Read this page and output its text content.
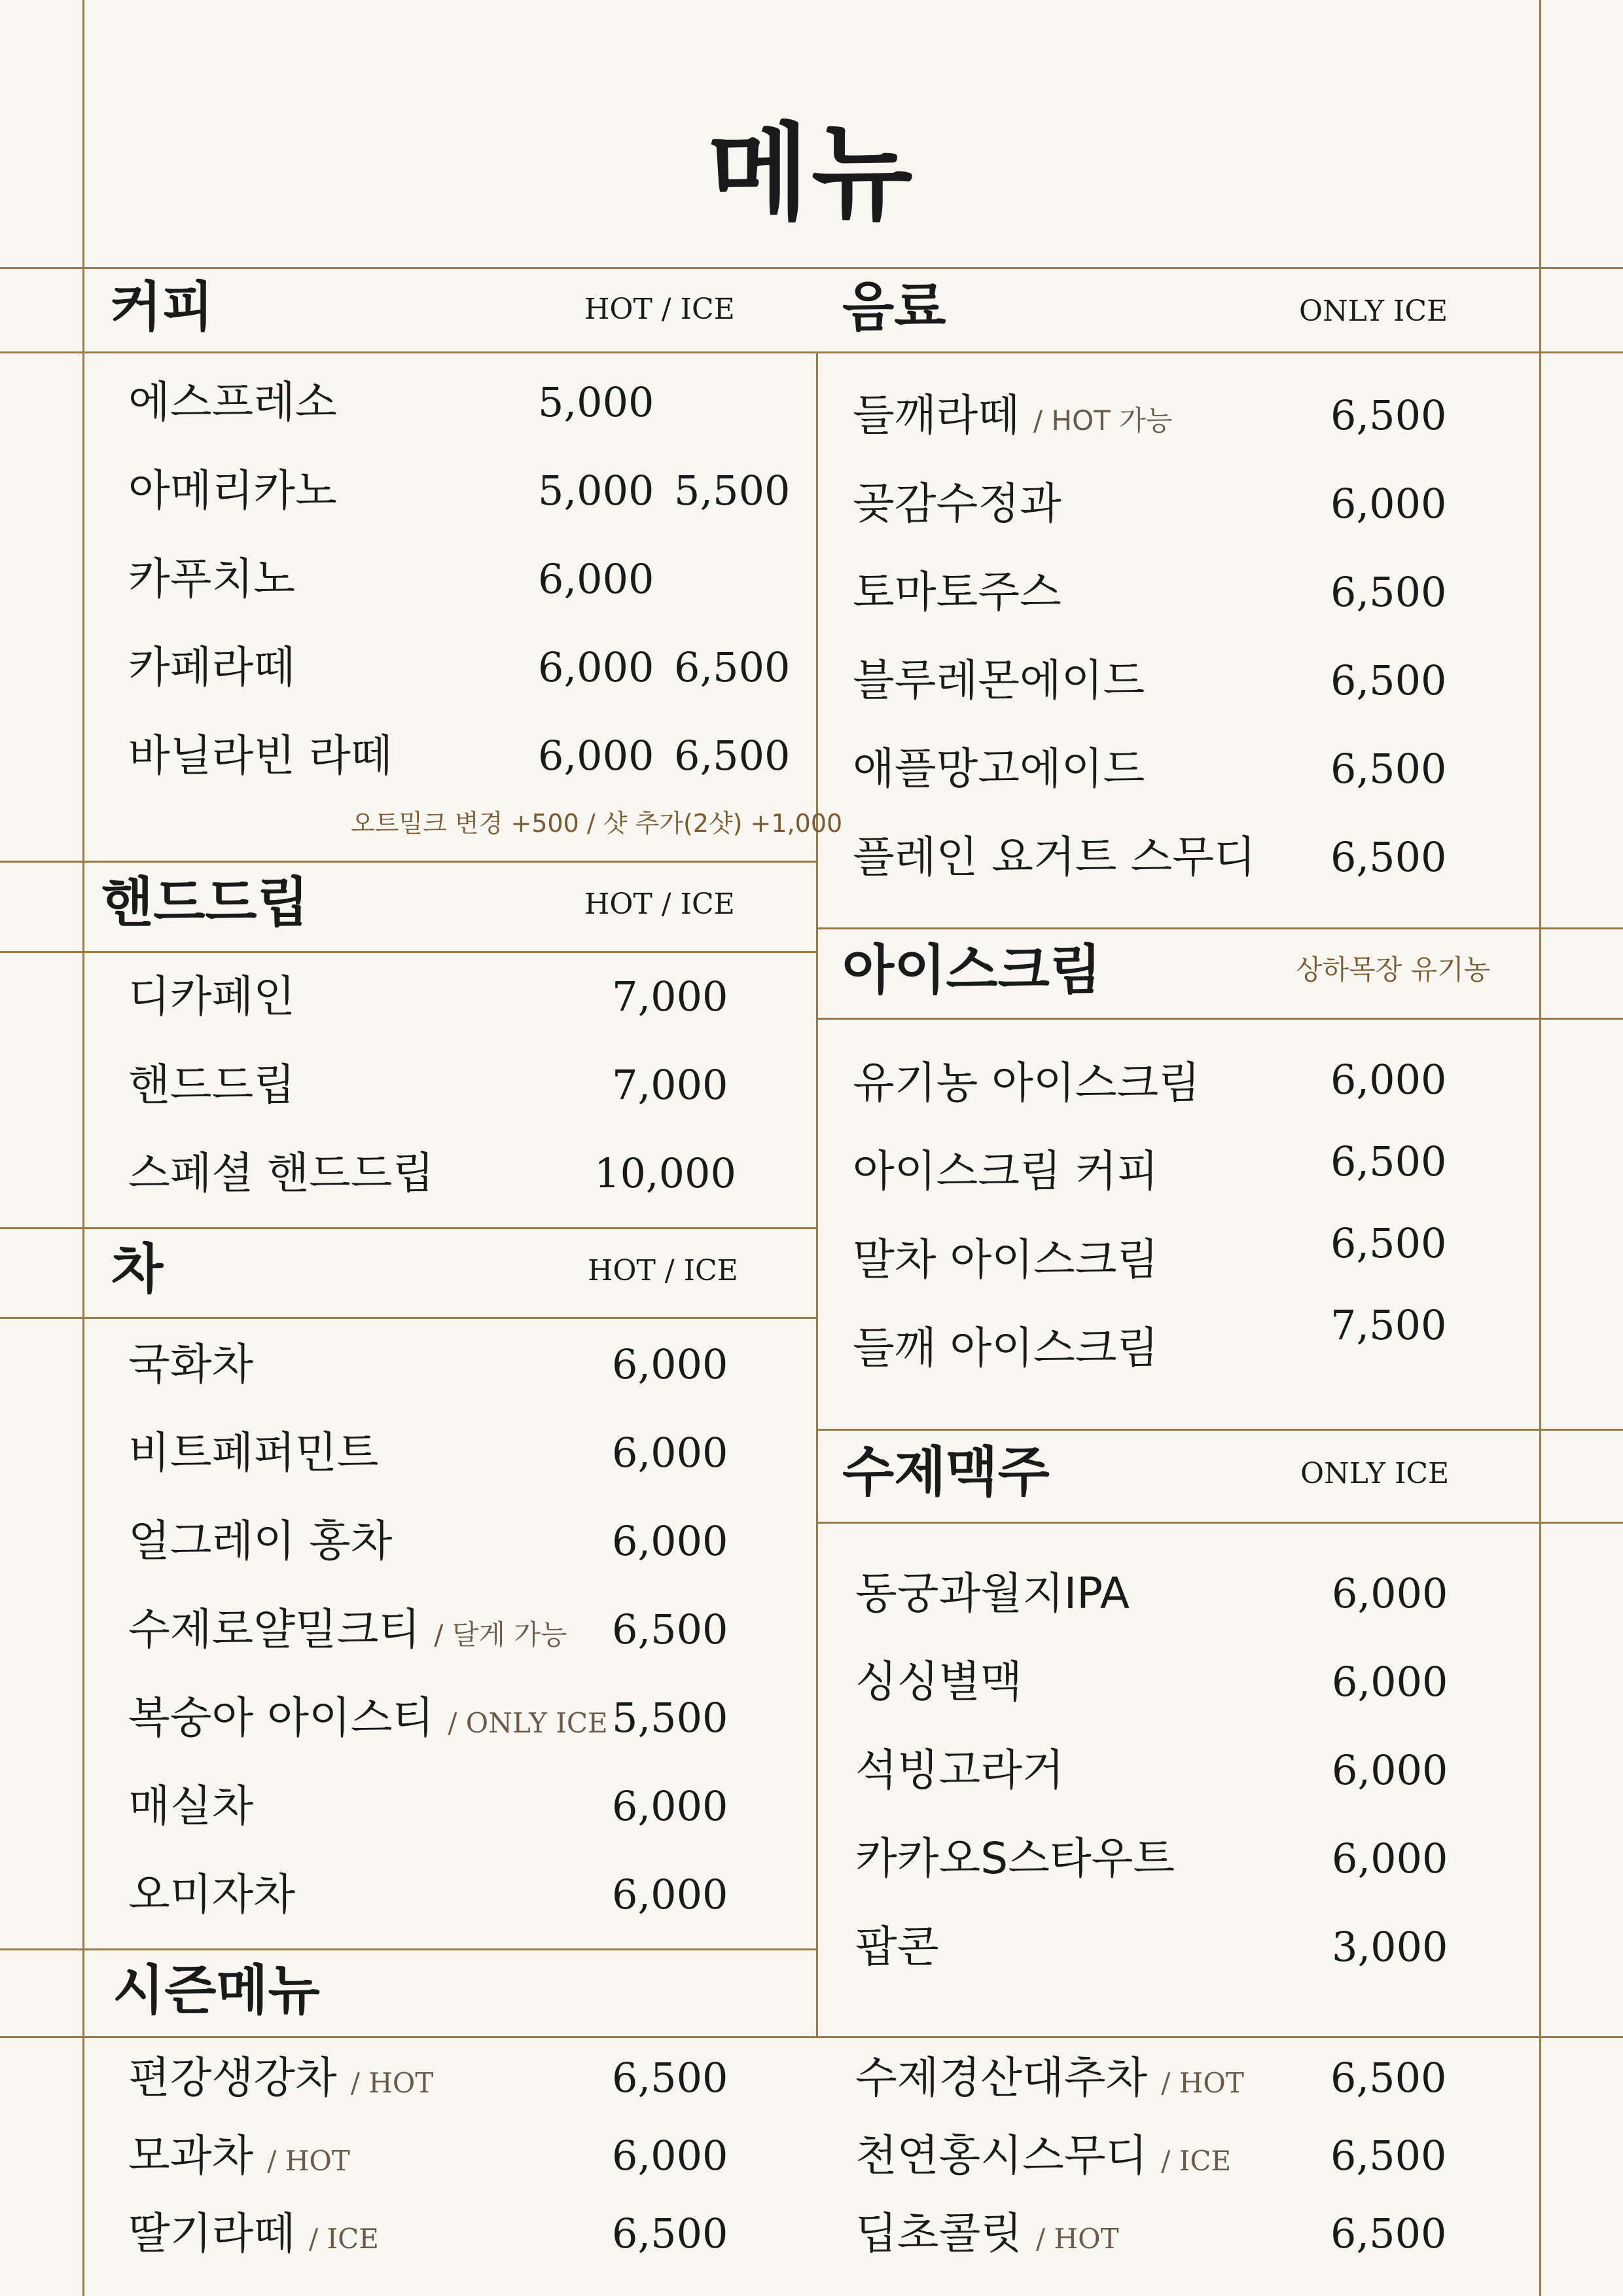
메뉴
커피	HOT / ICE
에스프레소	5,000
아메리카노	5,000 5,500
카푸치노	6,000
카페라떼	6,000 6,500
바닐라빈 라떼	6,000 6,500
오트밀크 변경 +500 / 샷 추가(2샷) +1,000
핸드드립	HOT / ICE
디카페인	7,000
핸드드립	7,000
스페셜 핸드드립	10,000
차	HOT / ICE
국화차	6,000
비트페퍼민트	6,000
얼그레이 홍차	6,000
수제로얄밀크티 / 달게 가능 6,500
복숭아 아이스티 / ONLY ICE 5,500
매실차	6,000
오미자차	6,000
시즌메뉴
음료	ONLY ICE
들깨라떼 / HOT 가능	6,500
곶감수정과	6,000
토마토주스	6,500
블루레몬에이드	6,500
애플망고에이드	6,500
플레인 요거트 스무디 6,500
아이스크림	상하목장 유기농
유기농 아이스크림	6,000
아이스크림 커피	6,500
말차 아이스크림	6,500
들깨 아이스크림	7,500
수제맥주	ONLY ICE
동궁과월지IPA	6,000
싱싱별맥	6,000
석빙고라거	6,000
카카오S스타우트	6,000
팝콘	3,000
편강생강차 / HOT	6,500
모과차 / HOT	6,000
딸기라떼 / ICE	6,500
수제경산대추차 / HOT 6,500
천연홍시스무디 / ICE 6,500
딥초콜릿 / HOT	6,500
